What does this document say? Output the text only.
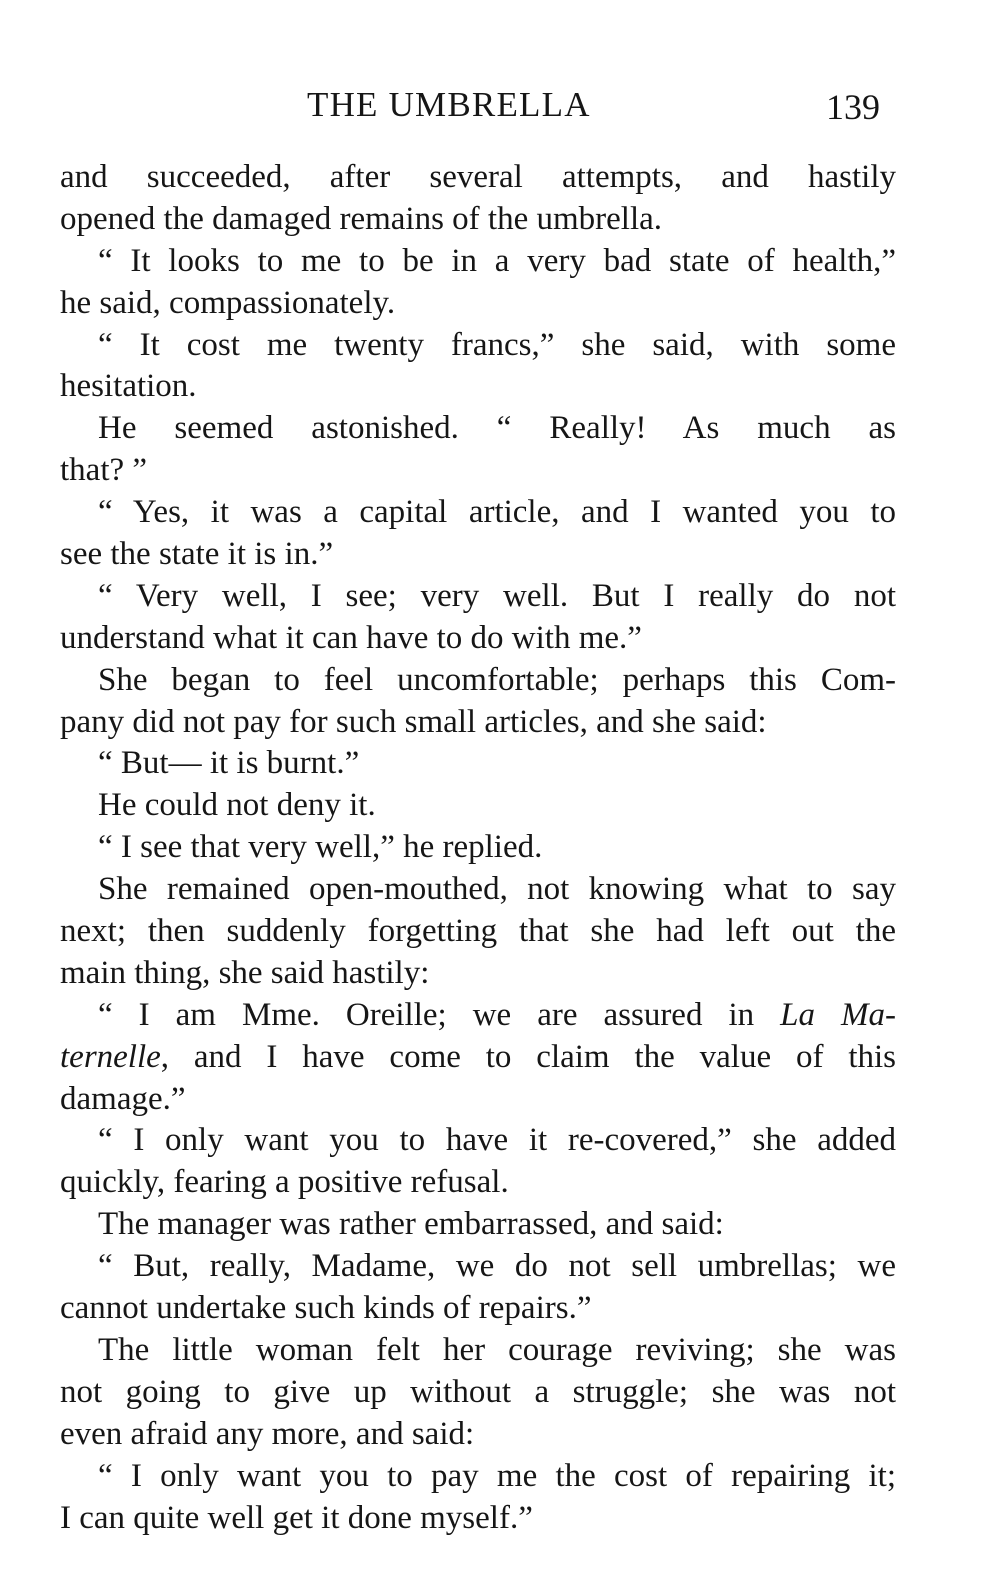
THE UMBRELLA	139
and succeeded, after several attempts, and hastily
opened the damaged remains of the umbrella.
“ It looks to me to be in a very bad state of health,”
he said, compassionately.
“ It cost me twenty francs,” she said, with some
hesitation.
He seemed astonished. “ Really! As much as
that? ”
“ Yes, it was a capital article, and I wanted you to
see the state it is in.”
“ Very well, I see; very well. But I really do not
understand what it can have to do with me.”
She began to feel uncomfortable; perhaps this Com-
pany did not pay for such small articles, and she said:
“ But— it is burnt.”
He could not deny it.
“ I see that very well,” he replied.
She remained open-mouthed, not knowing what to say
next; then suddenly forgetting that she had left out the
main thing, she said hastily:
“ I am Mme. Oreille; we are assured in La Ma-
ternelle, and I have come to claim the value of this
damage.”
“ I only want you to have it re-covered,” she added
quickly, fearing a positive refusal.
The manager was rather embarrassed, and said:
“ But, really, Madame, we do not sell umbrellas; we
cannot undertake such kinds of repairs.”
The little woman felt her courage reviving; she was
not going to give up without a struggle; she was not
even afraid any more, and said:
“ I only want you to pay me the cost of repairing it;
I can quite well get it done myself.”
